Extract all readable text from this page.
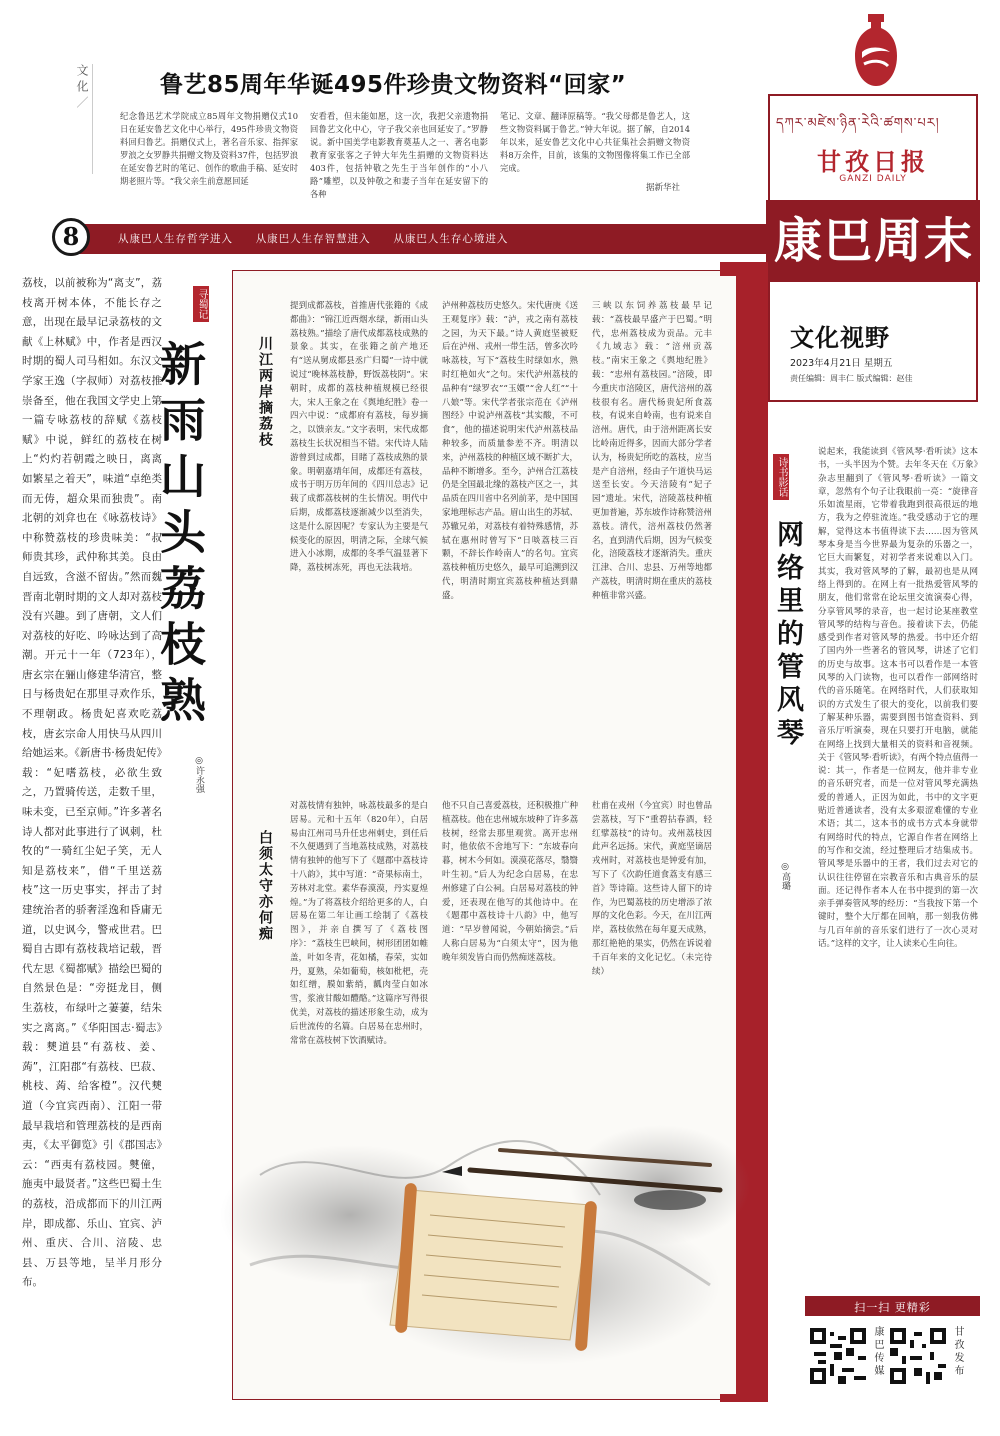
文化／
鲁艺85周年华诞495件珍贵文物资料“回家”
纪念鲁迅艺术学院成立85周年文物捐赠仪式10日在延安鲁艺文化中心举行，495件珍贵文物资料回归鲁艺。捐赠仪式上，著名音乐家、指挥家罗浪之女罗静共捐赠文物及资料37件，包括罗浪在延安鲁艺时的笔记、创作的歌曲手稿、延安时期老照片等。“我父亲生前意愿回延
安看看，但未能如愿，这一次，我把父亲遗物捐回鲁艺文化中心，守子我父亲也回延安了。”罗静说。新中国美学电影教育奠基人之一、著名电影教育家张客之子钟大年先生捐赠的文物资料达403件，包括钟敬之先生于当年创作的“小八路”雕塑，以及钟敬之和妻子当年在延安留下的各种
笔记、文章、翻译原稿等。“我父母都是鲁艺人，这些文物资料属于鲁艺。”钟大年说。据了解，自2014年以来，延安鲁艺文化中心共征集社会捐赠文物资料8万余件，目前，该集的文物图像将集工作已全部完成。
据新华社
8	从康巴人生存哲学进入 从康巴人生存智慧进入 从康巴人生存心境进入
དཀར་མཛེས་ཉིན་རེའི་ཚགས་པར།
甘孜日报
GANZI DAILY
康巴周末
文化视野
2023年4月21日 星期五
责任编辑：周丰仁 版式编辑：赵佳
寻蜀记
新雨山头荔枝熟
◎许永强
荔枝，以前被称为“离支”，荔枝离开树本体，不能长存之意，出现在最早记录荔枝的文献《上林赋》中，作者是西汉时期的蜀人司马相如。东汉文学家王逸（字叔师）对荔枝推崇备至，他在我国文学史上第一篇专咏荔枝的辞赋《荔枝赋》中说，鲜红的荔枝在树上“灼灼若朝霞之映日，离离如繁星之着天”，味道“卓绝类而无俦，超众果而独贵”。南北朝的刘弇也在《咏荔枝诗》中称赞荔枝的珍贵味美：“叔师贵其珍，武仲称其美。良由自远致，含滋不留齿。”然而魏晋南北朝时期的文人却对荔枝没有兴趣。到了唐朝，文人们对荔枝的好吃、吟咏达到了高潮。开元十一年（723年），唐玄宗在骊山修建华清宫，整日与杨贵妃在那里寻欢作乐，不理朝政。杨贵妃喜欢吃荔枝，唐玄宗命人用快马从四川给她运来。《新唐书·杨贵妃传》载：“妃嗜荔枝，必欲生致之，乃置骑传送，走数千里，味未变，已至京师。”许多著名诗人都对此事进行了讽刺，杜牧的“一骑红尘妃子笑，无人知是荔枝来”，借“千里送荔枝”这一历史事实，抨击了封建统治者的骄奢淫逸和昏庸无道，以史讽今，警戒世君。巴蜀自古即有荔枝栽培记载，晋代左思《蜀都赋》描绘巴蜀的自然景色是：“旁挺龙目，侧生荔枝，布绿叶之萋萋，结朱实之离离。”《华阳国志·蜀志》载：僰道县“有荔枝、姜、蒟”，江阳郡“有荔枝、巴菽、桃枝、蒟、给客橙”。汉代僰道（今宜宾西南）、江阳一带最早栽培和管理荔枝的是西南夷，《太平御览》引《郡国志》云：“西夷有荔枝园。僰僮，施夷中最贤者。”这些巴蜀土生的荔枝，沿成都而下的川江两岸，即成都、乐山、宜宾、泸州、重庆、合川、涪陵、忠县、万县等地，呈半月形分布。
川江两岸摘荔枝
提到成都荔枝，首推唐代张籍的《成都曲》：“锦江近西烟水绿，新雨山头荔枝熟。”描绘了唐代成都荔枝成熟的景象。其实，在张籍之前产地还有“送从舅成都县丞广归蜀”一诗中就说过“晚林荔枝静，野饭荔枝阴”。宋朝时，成都的荔枝种植规模已经很大，宋人王象之在《舆地纪胜》卷一四六中说：“成都府有荔枝，每岁摘之，以馈亲友。”文字表明，宋代成都荔枝生长状况相当不错。宋代诗人陆游曾到过成都，目睹了荔枝成熟的景象。明朝嘉靖年间，成都还有荔枝，成书于明万历年间的《四川总志》记载了成都荔枝树的生长情况。明代中后期，成都荔枝逐渐减少以至消失，这是什么原因呢？专家认为主要是气候变化的原因，明清之际，全球气候进入小冰期，成都的冬季气温显著下降，荔枝树冻死，再也无法栽培。
泸州种荔枝历史悠久。宋代唐庚《送王观复序》载：“泸，戎之南有荔枝之园，为天下最。”诗人黄庭坚被贬后在泸州、戎州一带生活，曾多次吟咏荔枝，写下“荔枝生时绿如水，熟时红艳如火”之句。宋代泸州荔枝的品种有“绿罗衣”“玉嬛”“舍人红”“十八娘”等。宋代学者张宗范在《泸州图经》中说泸州荔枝“其实酸，不可食”，他的描述说明宋代泸州荔枝品种较多，而质量参差不齐。明清以来，泸州荔枝的种植区域不断扩大，品种不断增多。至今，泸州合江荔枝仍是全国最北缘的荔枝产区之一，其品质在四川省中名列前茅，是中国国家地理标志产品。眉山出生的苏轼、苏辙兄弟，对荔枝有着特殊感情，苏轼在惠州时曾写下“日啖荔枝三百颗，不辞长作岭南人”的名句。宜宾荔枝种植历史悠久，最早可追溯到汉代，明清时期宜宾荔枝种植达到鼎盛。
三峡以东饲养荔枝最早记载：“荔枝最早盛产于巴蜀。”明代，忠州荔枝成为贡品。元丰《九域志》载：“涪州贡荔枝。”南宋王象之《舆地纪胜》载：“忠州有荔枝园。”涪陵，即今重庆市涪陵区，唐代涪州的荔枝很有名。唐代杨贵妃所食荔枝，有说来自岭南，也有说来自涪州。唐代，由于涪州距离长安比岭南近得多，因而大部分学者认为，杨贵妃所吃的荔枝，应当是产自涪州，经由子午道快马运送至长安。今天涪陵有“妃子园”遗址。宋代，涪陵荔枝种植更加普遍，苏东坡作诗称赞涪州荔枝。清代，涪州荔枝仍然著名，直到清代后期，因为气候变化，涪陵荔枝才逐渐消失。重庆江津、合川、忠县、万州等地都产荔枝，明清时期在重庆的荔枝种植非常兴盛。
白须太守亦何痴
对荔枝情有独钟，咏荔枝最多的是白居易。元和十五年（820年），白居易由江州司马升任忠州刺史，到任后不久便遇到了当地荔枝成熟，对荔枝情有独钟的他写下了《题郡中荔枝诗十八韵》，其中写道：“奇果标南土，芳林对北堂。素华春漠漠，丹实夏煌煌。”为了将荔枝介绍给更多的人，白居易在第二年让画工绘制了《荔枝图》，并亲自撰写了《荔枝图序》：“荔枝生巴峡间，树形团团如帷盖，叶如冬青，花如橘，春荣，实如丹，夏熟，朵如葡萄，核如枇杷，壳如红缯，膜如紫绡，瓤肉莹白如冰雪，浆液甘酸如醴酪。”这篇序写得很优美，对荔枝的描述形象生动，成为后世流传的名篇。白居易在忠州时，常常在荔枝树下饮酒赋诗。
他不只自己喜爱荔枝，还积极推广种植荔枝。他在忠州城东坡种了许多荔枝树，经常去那里观赏。离开忠州时，他依依不舍地写下：“东坡春向暮，树木今何如。漠漠花落尽，翳翳叶生初。”后人为纪念白居易，在忠州修建了白公祠。白居易对荔枝的钟爱，还表现在他写的其他诗中。在《题郡中荔枝诗十八韵》中，他写道：“早岁曾闻说，今朝始摘尝。”后人称白居易为“白须太守”，因为他晚年须发皆白而仍然痴迷荔枝。
杜甫在戎州（今宜宾）时也曾品尝荔枝，写下“重碧拈春酒，轻红擘荔枝”的诗句。戎州荔枝因此声名远扬。宋代，黄庭坚谪居戎州时，对荔枝也是钟爱有加，写下了《次韵任道食荔支有感三首》等诗篇。这些诗人留下的诗作，为巴蜀荔枝的历史增添了浓厚的文化色彩。今天，在川江两岸，荔枝依然在每年夏天成熟，那红艳艳的果实，仍然在诉说着千百年来的文化记忆。（未完待续）
诗书影话
网络里的管风琴
◎高璐
说起来，我能读到《管风琴·看听读》这本书，一头半因为个赞。去年冬天在《万象》杂志里翻到了《管风琴·看听读》一篇文章，忽然有个句子让我眼前一亮：“旋律音乐如流星雨，它带着我跑到很高很远的地方，我为之停驻流连。”我受感动于它的理解，觉得这本书值得读下去……因为管风琴本身是当今世界最为复杂的乐器之一，它巨大而繁复，对初学者来说难以入门。其实，我对管风琴的了解，最初也是从网络上得到的。在网上有一批热爱管风琴的朋友，他们常常在论坛里交流演奏心得，分享管风琴的录音，也一起讨论某座教堂管风琴的结构与音色。接着读下去，仍能感受到作者对管风琴的热爱。书中还介绍了国内外一些著名的管风琴，讲述了它们的历史与故事。这本书可以看作是一本管风琴的入门读物，也可以看作一部网络时代的音乐随笔。在网络时代，人们获取知识的方式发生了很大的变化，以前我们要了解某种乐器，需要到图书馆查资料、到音乐厅听演奏，现在只要打开电脑，就能在网络上找到大量相关的资料和音视频。关于《管风琴·看听读》，有两个特点值得一说：其一，作者是一位网友，他并非专业的音乐研究者，而是一位对管风琴充满热爱的普通人，正因为如此，书中的文字更贴近普通读者，没有太多艰涩难懂的专业术语；其二，这本书的成书方式本身就带有网络时代的特点，它源自作者在网络上的写作和交流，经过整理后才结集成书。管风琴是乐器中的王者，我们过去对它的认识往往停留在宗教音乐和古典音乐的层面。还记得作者本人在书中提到的第一次亲手弹奏管风琴的经历：“当我按下第一个键时，整个大厅都在回响，那一刻我仿佛与几百年前的音乐家们进行了一次心灵对话。”这样的文字，让人读来心生向往。
扫一扫 更精彩
康巴传媒	甘孜发布
